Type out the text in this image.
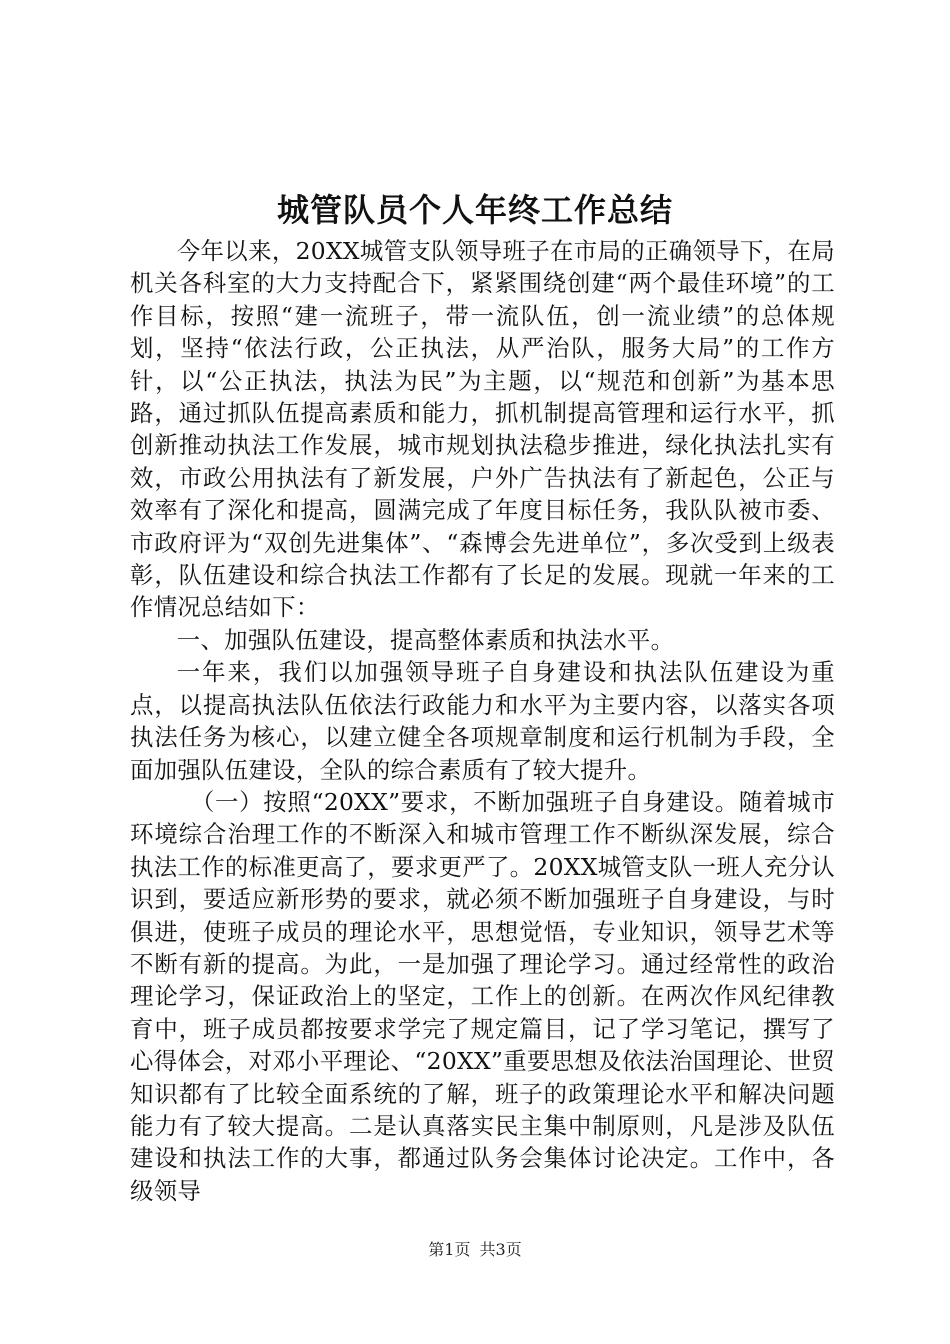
城管队员个人年终工作总结

今年以来，20XX城管支队领导班子在市局的正确领导下，在局机关各科室的大力支持配合下，紧紧围绕创建“两个最佳环境”的工作目标，按照“建一流班子，带一流队伍，创一流业绩”的总体规划，坚持“依法行政，公正执法，从严治队，服务大局”的工作方针，以“公正执法，执法为民”为主题，以“规范和创新”为基本思路，通过抓队伍提高素质和能力，抓机制提高管理和运行水平，抓创新推动执法工作发展，城市规划执法稳步推进，绿化执法扎实有效，市政公用执法有了新发展，户外广告执法有了新起色，公正与效率有了深化和提高，圆满完成了年度目标任务，我队队被市委、市政府评为“双创先进集体”、“森博会先进单位”，多次受到上级表彰，队伍建设和综合执法工作都有了长足的发展。现就一年来的工作情况总结如下：

一、加强队伍建设，提高整体素质和执法水平。

一年来，我们以加强领导班子自身建设和执法队伍建设为重点，以提高执法队伍依法行政能力和水平为主要内容，以落实各项执法任务为核心，以建立健全各项规章制度和运行机制为手段，全面加强队伍建设，全队的综合素质有了较大提升。

（一）按照“20XX”要求，不断加强班子自身建设。随着城市环境综合治理工作的不断深入和城市管理工作不断纵深发展，综合执法工作的标准更高了，要求更严了。20XX城管支队一班人充分认识到，要适应新形势的要求，就必须不断加强班子自身建设，与时俱进，使班子成员的理论水平，思想觉悟，专业知识，领导艺术等不断有新的提高。为此，一是加强了理论学习。通过经常性的政治理论学习，保证政治上的坚定，工作上的创新。在两次作风纪律教育中，班子成员都按要求学完了规定篇目，记了学习笔记，撰写了心得体会，对邓小平理论、“20XX”重要思想及依法治国理论、世贸知识都有了比较全面系统的了解，班子的政策理论水平和解决问题能力有了较大提高。二是认真落实民主集中制原则，凡是涉及队伍建设和执法工作的大事，都通过队务会集体讨论决定。工作中，各级领导

第1页 共3页
